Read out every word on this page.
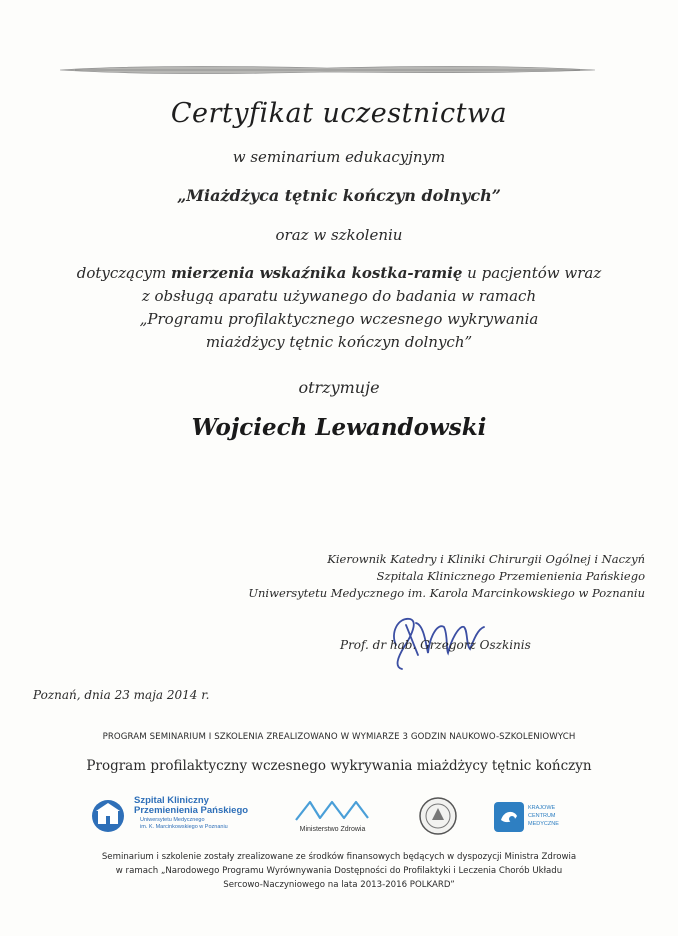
Certyfikat uczestnictwa
w seminarium edukacyjnym
„Miażdżyca tętnic kończyn dolnych”
oraz w szkoleniu
dotyczącym mierzenia wskaźnika kostka-ramię u pacjentów wraz
z obsługą aparatu używanego do badania w ramach
„Programu profilaktycznego wczesnego wykrywania
miażdżycy tętnic kończyn dolnych”
otrzymuje
Wojciech Lewandowski
Kierownik Katedry i Kliniki Chirurgii Ogólnej i Naczyń
Szpitala Klinicznego Przemienienia Pańskiego
Uniwersytetu Medycznego im. Karola Marcinkowskiego w Poznaniu
Prof. dr hab. Grzegorz Oszkinis
Poznań, dnia 23 maja 2014 r.
PROGRAM SEMINARIUM I SZKOLENIA ZREALIZOWANO W WYMIARZE 3 GODZIN NAUKOWO-SZKOLENIOWYCH
Program profilaktyczny wczesnego wykrywania miażdżycy tętnic kończyn
Szpital Kliniczny
Przemienienia Pańskiego
Uniwersytetu Medycznego
im. K. Marcinkowskiego w Poznaniu	Ministerstwo Zdrowia
KRAJOWE
CENTRUM
MEDYCZNE
Seminarium i szkolenie zostały zrealizowane ze środków finansowych będących w dyspozycji Ministra Zdrowia
w ramach „Narodowego Programu Wyrównywania Dostępności do Profilaktyki i Leczenia Chorób Układu
Sercowo-Naczyniowego na lata 2013-2016 POLKARD”
